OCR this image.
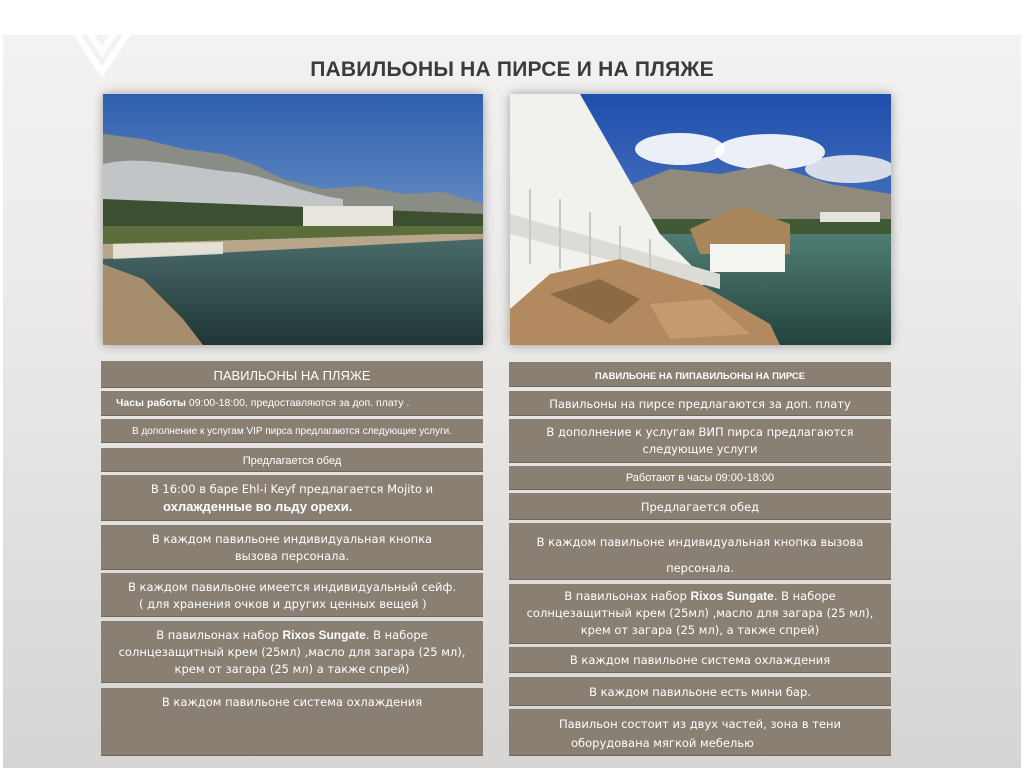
ПАВИЛЬОНЫ НА ПИРСЕ И НА ПЛЯЖЕ
ПАВИЛЬОНЫ НА ПЛЯЖЕ
Часы работы 09:00-18:00, предоставляются за доп. плату .
В дополнение к услугам VIP пирса предлагаются следующие услуги.
Предлагается обед
В 16:00 в баре Ehl-i Keyf предлагается Mojito и
охлажденные во льду орехи.
В каждом павильоне индивидуальная кнопка вызова персонала.
В каждом павильоне имеется индивидуальный сейф.
( для хранения очков и других ценных вещей )
В павильонах набор Rixos Sungate. В наборе солнцезащитный крем (25мл) ,масло для загара (25 мл), крем от загара (25 мл) а также спрей)
В каждом павильоне система охлаждения
ПАВИЛЬОНЕ НА ПИПАВИЛЬОНЫ НА ПИРСЕ
Павильоны на пирсе предлагаются за доп. плату
В дополнение к услугам ВИП пирса предлагаются следующие услуги
Работают в часы 09:00-18:00
Предлагается обед
В каждом павильоне индивидуальная кнопка вызова
персонала.
В павильонах набор Rixos Sungate. В наборе солнцезащитный крем (25мл) ,масло для загара (25 мл), крем от загара (25 мл), а также спрей)
В каждом павильоне система охлаждения
В каждом павильоне есть мини бар.
Павильон состоит из двух частей, зона в тени
оборудована мягкой мебелью
